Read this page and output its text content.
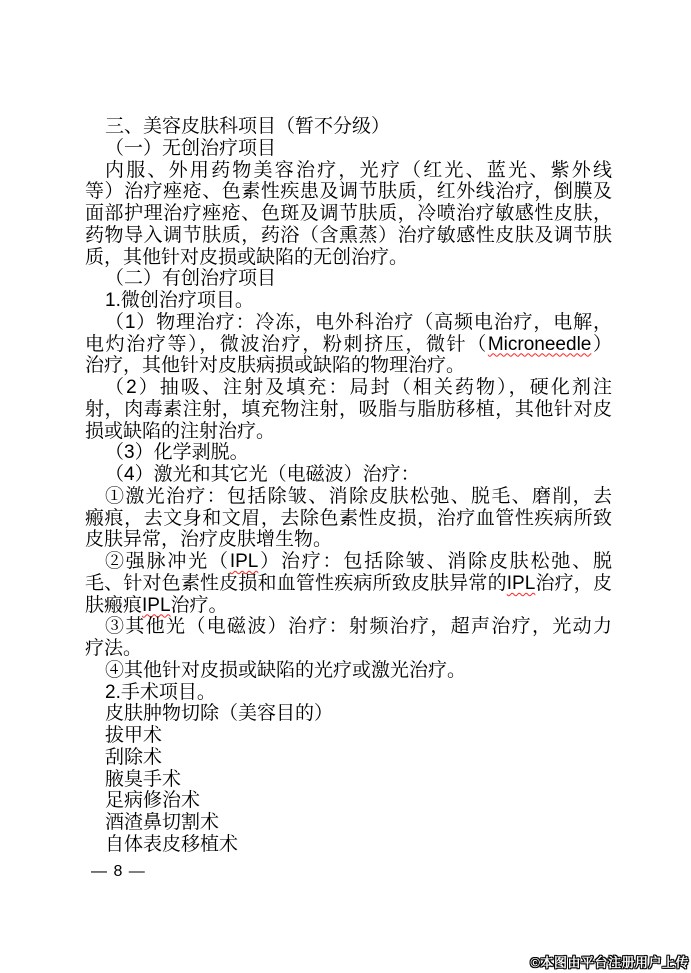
三、美容皮肤科项目（暂不分级）
（一）无创治疗项目
内服、外用药物美容治疗，光疗（红光、蓝光、紫外线
等）治疗痤疮、色素性疾患及调节肤质，红外线治疗，倒膜及
面部护理治疗痤疮、色斑及调节肤质，冷喷治疗敏感性皮肤，
药物导入调节肤质，药浴（含熏蒸）治疗敏感性皮肤及调节肤
质，其他针对皮损或缺陷的无创治疗。
（二）有创治疗项目
1.微创治疗项目。
（1）物理治疗：冷冻，电外科治疗（高频电治疗，电解，
电灼治疗等），微波治疗，粉刺挤压，微针（Microneedle）
治疗，其他针对皮肤病损或缺陷的物理治疗。
（2）抽吸、注射及填充：局封（相关药物），硬化剂注
射，肉毒素注射，填充物注射，吸脂与脂肪移植，其他针对皮
损或缺陷的注射治疗。
（3）化学剥脱。
（4）激光和其它光（电磁波）治疗：
①激光治疗：包括除皱、消除皮肤松弛、脱毛、磨削，去
瘢痕，去文身和文眉，去除色素性皮损，治疗血管性疾病所致
皮肤异常，治疗皮肤增生物。
②强脉冲光（IPL）治疗：包括除皱、消除皮肤松弛、脱
毛、针对色素性皮损和血管性疾病所致皮肤异常的IPL治疗，皮
肤瘢痕IPL治疗。
③其他光（电磁波）治疗：射频治疗，超声治疗，光动力
疗法。
④其他针对皮损或缺陷的光疗或激光治疗。
2.手术项目。
皮肤肿物切除（美容目的）
拔甲术
刮除术
腋臭手术
足病修治术
酒渣鼻切割术
自体表皮移植术
— 8 —
©本图由平台注册用户上传
